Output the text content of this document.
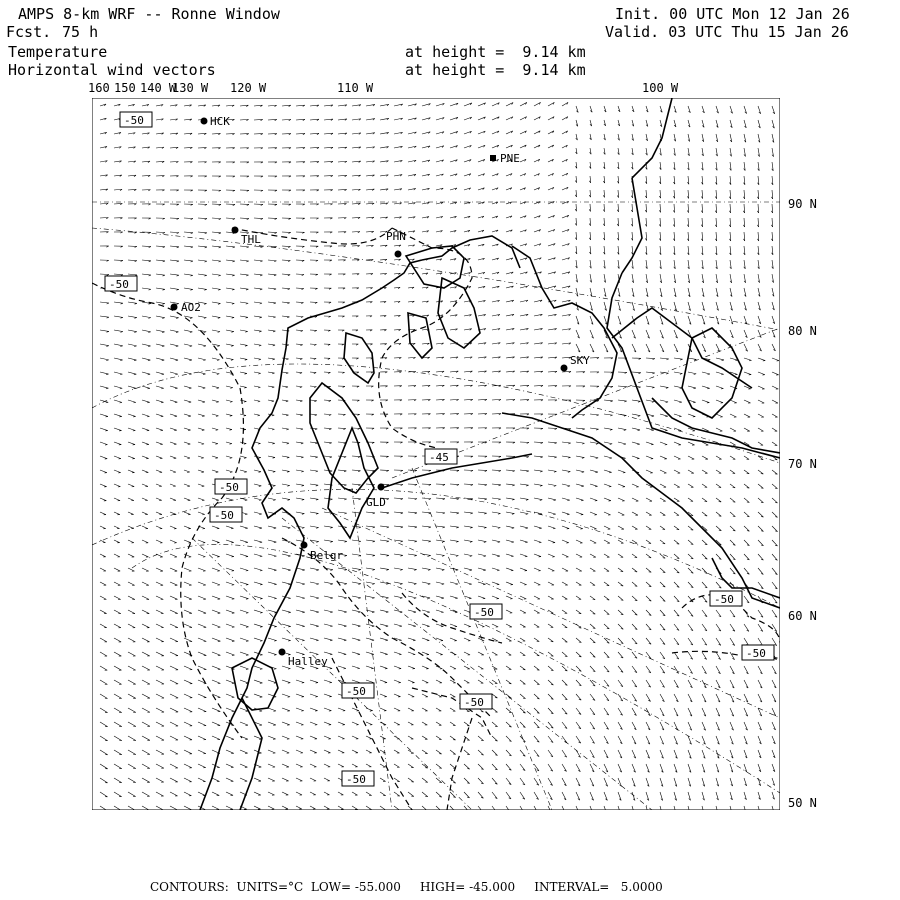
AMPS 8-km WRF -- Ronne Window
Fcst. 75 h
Temperature
Horizontal wind vectors
Init. 00 UTC Mon 12 Jan 26
Valid. 03 UTC Thu 15 Jan 26
at height =  9.14 km
at height =  9.14 km
160 150 140 W
130 W 120 W	110 W	100 W
90 N
80 N
70 N
60 N
50 N
HCK
PNE
THL	PHN
AO2
SKY
GLD
Belgr
Halley
-50
-50
-45
-50
-50
-50
-50
-50
-50
-50
-50
CONTOURS:  UNITS=°C  LOW= -55.000     HIGH= -45.000     INTERVAL=   5.0000
